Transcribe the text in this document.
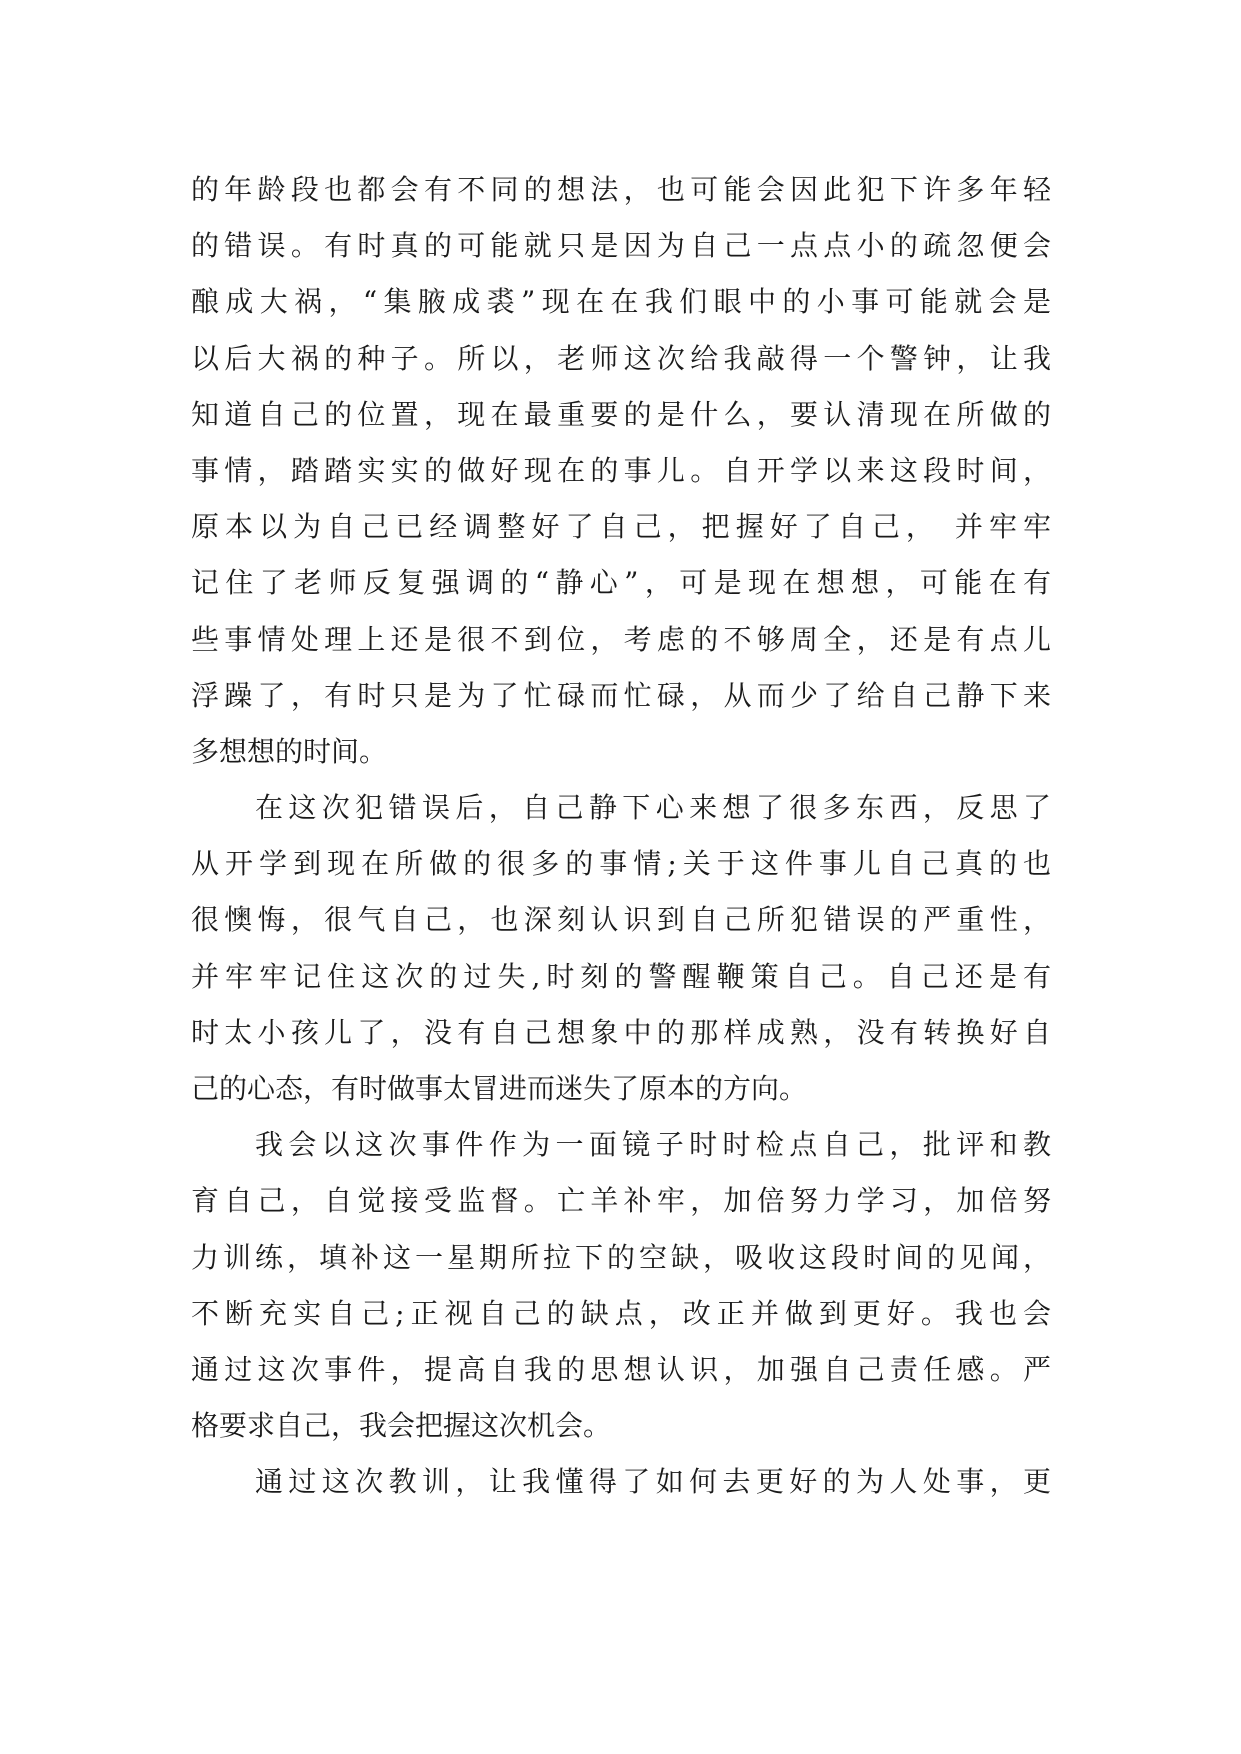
的年龄段也都会有不同的想法，也可能会因此犯下许多年轻
的错误。有时真的可能就只是因为自己一点点小的疏忽便会
酿成大祸，“集腋成裘”现在在我们眼中的小事可能就会是
以后大祸的种子。所以，老师这次给我敲得一个警钟，让我
知道自己的位置，现在最重要的是什么，要认清现在所做的
事情，踏踏实实的做好现在的事儿。自开学以来这段时间，
原本以为自己已经调整好了自己，把握好了自己， 并牢牢
记住了老师反复强调的“静心”，可是现在想想，可能在有
些事情处理上还是很不到位，考虑的不够周全，还是有点儿
浮躁了，有时只是为了忙碌而忙碌，从而少了给自己静下来
多想想的时间。
在这次犯错误后，自己静下心来想了很多东西，反思了
从开学到现在所做的很多的事情;关于这件事儿自己真的也
很懊悔，很气自己，也深刻认识到自己所犯错误的严重性，
并牢牢记住这次的过失,时刻的警醒鞭策自己。自己还是有
时太小孩儿了，没有自己想象中的那样成熟，没有转换好自
己的心态，有时做事太冒进而迷失了原本的方向。
我会以这次事件作为一面镜子时时检点自己，批评和教
育自己，自觉接受监督。亡羊补牢，加倍努力学习，加倍努
力训练，填补这一星期所拉下的空缺，吸收这段时间的见闻，
不断充实自己;正视自己的缺点，改正并做到更好。我也会
通过这次事件，提高自我的思想认识，加强自己责任感。严
格要求自己，我会把握这次机会。
通过这次教训，让我懂得了如何去更好的为人处事，更
